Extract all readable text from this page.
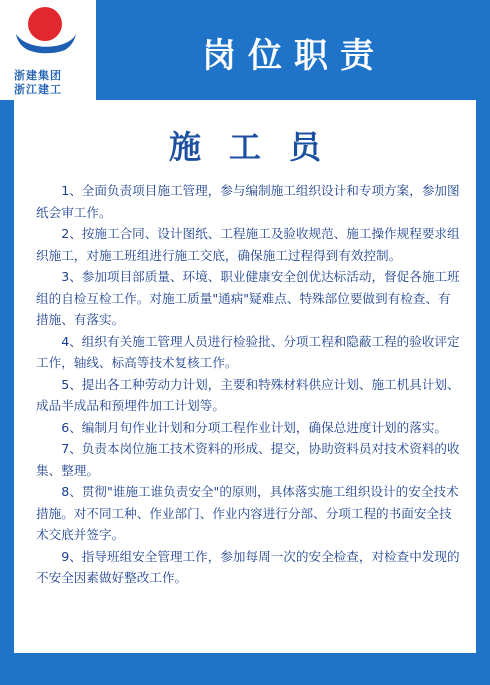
浙建集团
浙江建工
岗位职责
施工员

1、全面负责项目施工管理，参与编制施工组织设计和专项方案，参加图纸会审工作。

2、按施工合同、设计图纸、工程施工及验收规范、施工操作规程要求组织施工，对施工班组进行施工交底，确保施工过程得到有效控制。

3、参加项目部质量、环境、职业健康安全创优达标活动，督促各施工班组的自检互检工作。对施工质量"通病"疑难点、特殊部位要做到有检查、有措施、有落实。

4、组织有关施工管理人员进行检验批、分项工程和隐蔽工程的验收评定工作，轴线、标高等技术复核工作。

5、提出各工种劳动力计划，主要和特殊材料供应计划、施工机具计划、成品半成品和预埋件加工计划等。

6、编制月旬作业计划和分项工程作业计划，确保总进度计划的落实。

7、负责本岗位施工技术资料的形成、提交，协助资料员对技术资料的收集、整理。

8、贯彻"谁施工谁负责安全"的原则，具体落实施工组织设计的安全技术措施。对不同工种、作业部门、作业内容进行分部、分项工程的书面安全技术交底并签字。

9、指导班组安全管理工作，参加每周一次的安全检查，对检查中发现的不安全因素做好整改工作。
